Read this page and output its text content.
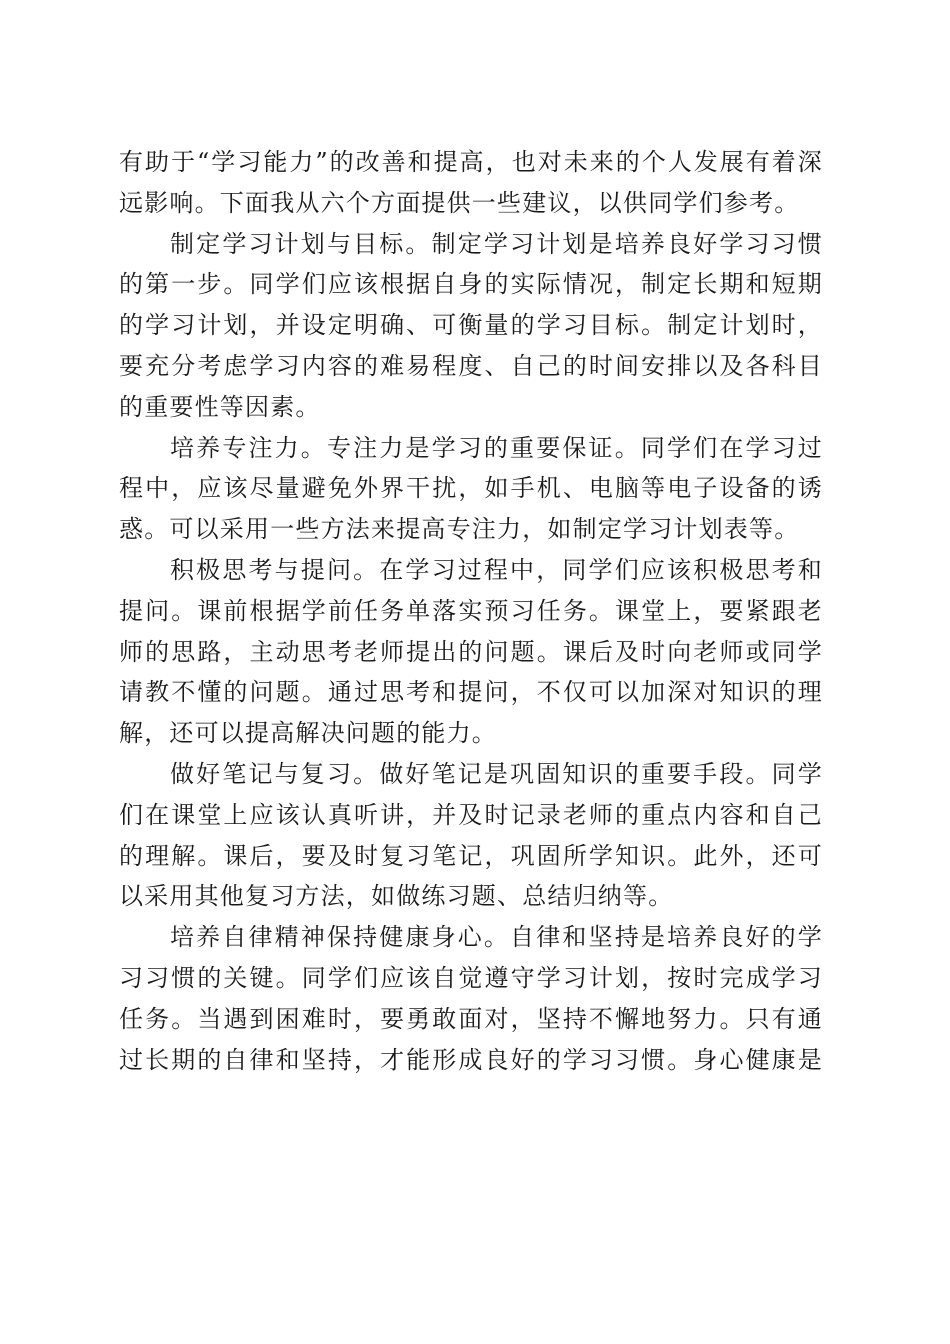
有助于“学习能力”的改善和提高，也对未来的个人发展有着深远影响。下面我从六个方面提供一些建议，以供同学们参考。

制定学习计划与目标。制定学习计划是培养良好学习习惯的第一步。同学们应该根据自身的实际情况，制定长期和短期的学习计划，并设定明确、可衡量的学习目标。制定计划时，要充分考虑学习内容的难易程度、自己的时间安排以及各科目的重要性等因素。

培养专注力。专注力是学习的重要保证。同学们在学习过程中，应该尽量避免外界干扰，如手机、电脑等电子设备的诱惑。可以采用一些方法来提高专注力，如制定学习计划表等。

积极思考与提问。在学习过程中，同学们应该积极思考和提问。课前根据学前任务单落实预习任务。课堂上，要紧跟老师的思路，主动思考老师提出的问题。课后及时向老师或同学请教不懂的问题。通过思考和提问，不仅可以加深对知识的理解，还可以提高解决问题的能力。

做好笔记与复习。做好笔记是巩固知识的重要手段。同学们在课堂上应该认真听讲，并及时记录老师的重点内容和自己的理解。课后，要及时复习笔记，巩固所学知识。此外，还可以采用其他复习方法，如做练习题、总结归纳等。

培养自律精神保持健康身心。自律和坚持是培养良好的学习习惯的关键。同学们应该自觉遵守学习计划，按时完成学习任务。当遇到困难时，要勇敢面对，坚持不懈地努力。只有通过长期的自律和坚持，才能形成良好的学习习惯。身心健康是
